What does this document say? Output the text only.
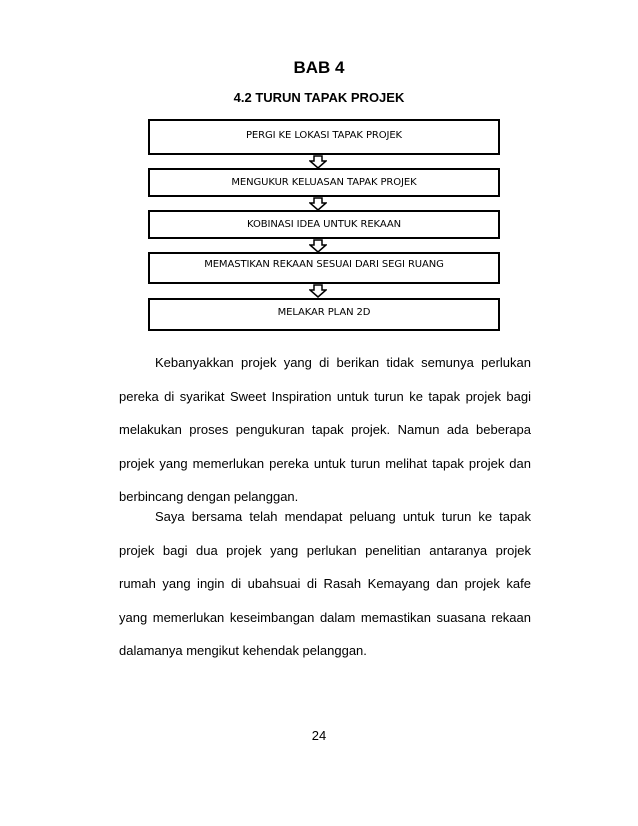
BAB 4
4.2 TURUN TAPAK PROJEK
PERGI KE LOKASI TAPAK PROJEK
MENGUKUR KELUASAN TAPAK PROJEK
KOBINASI IDEA UNTUK REKAAN
MEMASTIKAN REKAAN SESUAI DARI SEGI RUANG
MELAKAR PLAN 2D

Kebanyakkan projek yang di berikan tidak semunya perlukan pereka di syarikat Sweet Inspiration untuk turun ke tapak projek bagi melakukan proses pengukuran tapak projek. Namun ada beberapa projek yang memerlukan pereka untuk turun melihat tapak projek dan berbincang dengan pelanggan.

Saya bersama telah mendapat peluang untuk turun ke tapak projek bagi dua projek yang perlukan penelitian antaranya projek rumah yang ingin di ubahsuai di Rasah Kemayang dan projek kafe yang memerlukan keseimbangan dalam memastikan suasana rekaan dalamanya mengikut kehendak pelanggan.

24
